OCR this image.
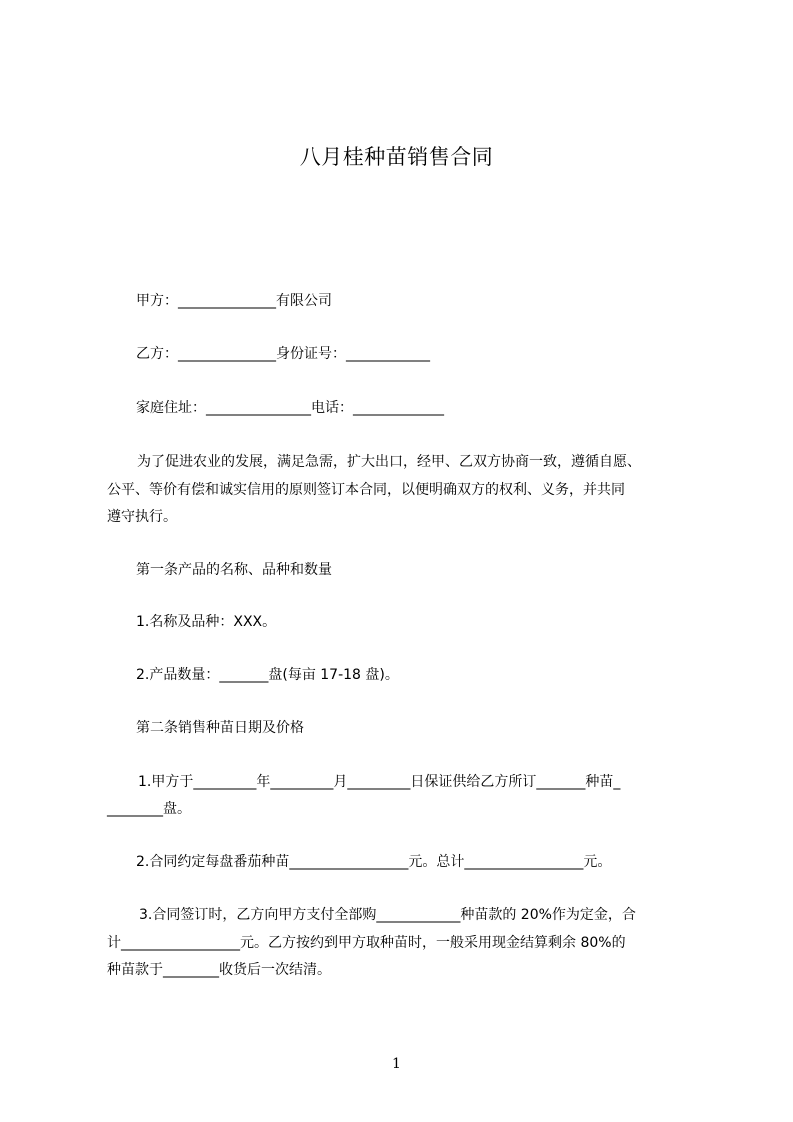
八月桂种苗销售合同
甲方：______________有限公司
乙方：______________身份证号：____________
家庭住址：_______________电话：_____________
为了促进农业的发展，满足急需，扩大出口，经甲、乙双方协商一致，遵循自愿、
公平、等价有偿和诚实信用的原则签订本合同，以便明确双方的权利、义务，并共同
遵守执行。
第一条产品的名称、品种和数量
1.名称及品种：XXX。
2.产品数量：_______盘(每亩 17-18 盘)。
第二条销售种苗日期及价格
1.甲方于_________年_________月_________日保证供给乙方所订_______种苗_
________盘。
2.合同约定每盘番茄种苗_________________元。总计_________________元。
3.合同签订时，乙方向甲方支付全部购____________种苗款的 20%作为定金，合
计_________________元。乙方按约到甲方取种苗时，一般采用现金结算剩余 80%的
种苗款于________收货后一次结清。
1
